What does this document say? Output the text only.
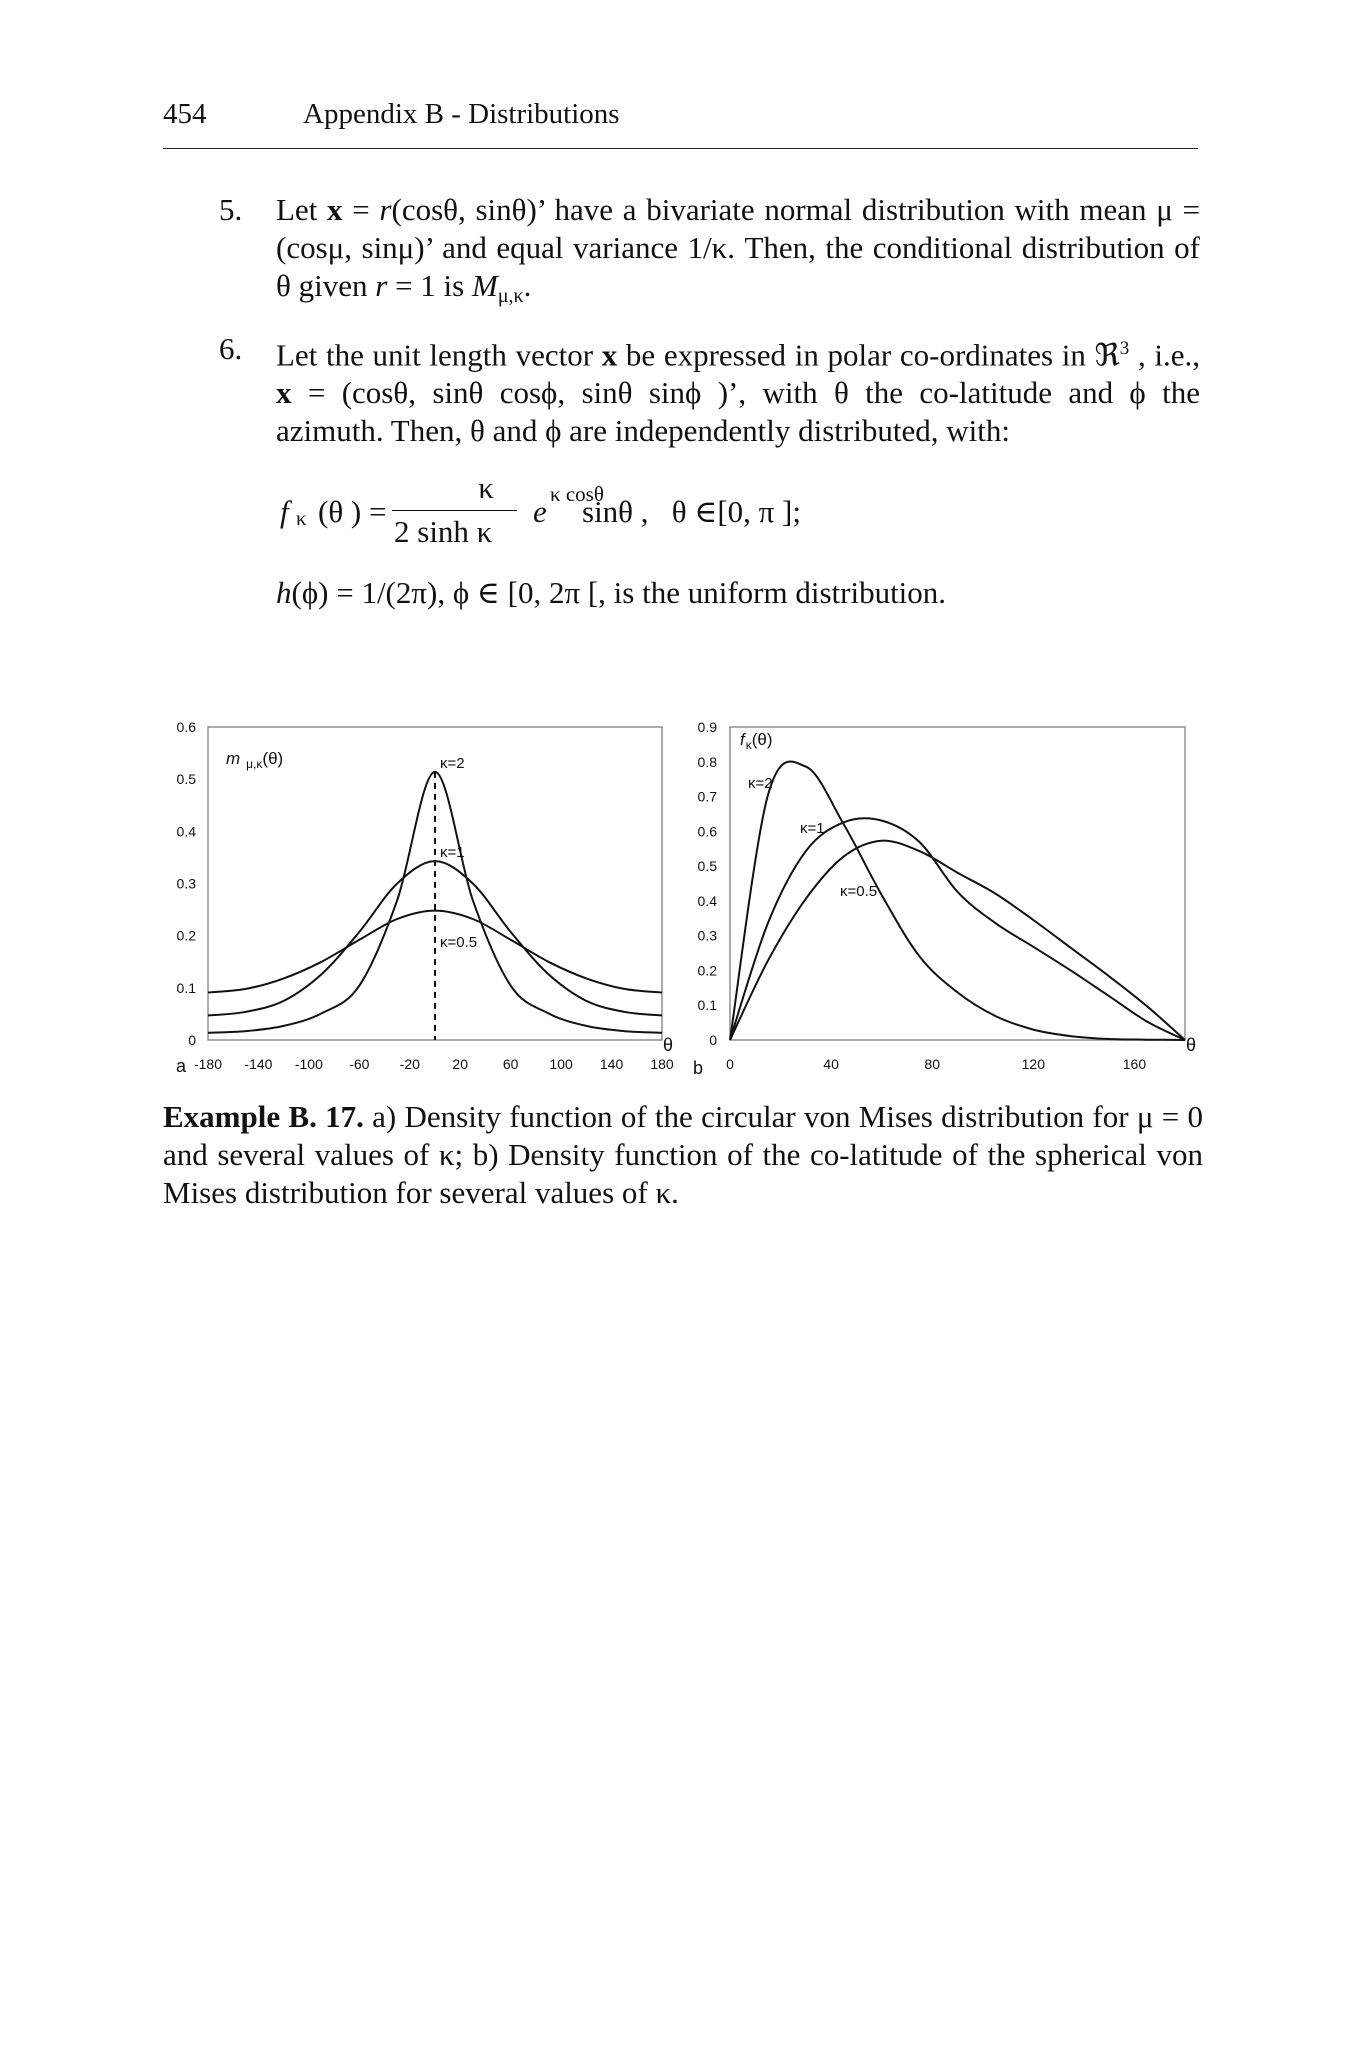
454	Appendix B - Distributions
5.	Let x = r(cosθ, sinθ)’ have a bivariate normal distribution with mean μ =
(cosμ, sinμ)’ and equal variance 1/κ. Then, the conditional distribution of
θ given r = 1 is $M_{\mu,\kappa}$.
6.	Let the unit length vector x be expressed in polar co-ordinates in ℜ$^3$ , i.e.,
x = (cosθ, sinθ cosϕ, sinθ sinϕ )’, with θ the co-latitude and ϕ the
azimuth. Then, θ and ϕ are independently distributed, with:
f κ (θ ) =
κ
2 sinh κ
e κ cosθ
sinθ ,   θ ∈[0, π ];
h(ϕ) = 1/(2π), ϕ ∈ [0, 2π [, is the uniform distribution.
0
0.1
0.2
0.3
0.4
0.5
0.6
-180 -140 -100 -60 -20 20 60 100 140 180
a
θ
m $_{\mu,\kappa}$(θ)	κ=2
κ=1
κ=0.5
0
0.1
0.2
0.3
0.4
0.5
0.6
0.7
0.8
0.9
0	40	80	120	160
b
θ
$f_\kappa(\theta)$
κ=2
κ=1
κ=0.5
Example B. 17. a) Density function of the circular von Mises distribution for μ = 0 and several values of κ; b) Density function of the co-latitude of the spherical von Mises distribution for several values of κ.
